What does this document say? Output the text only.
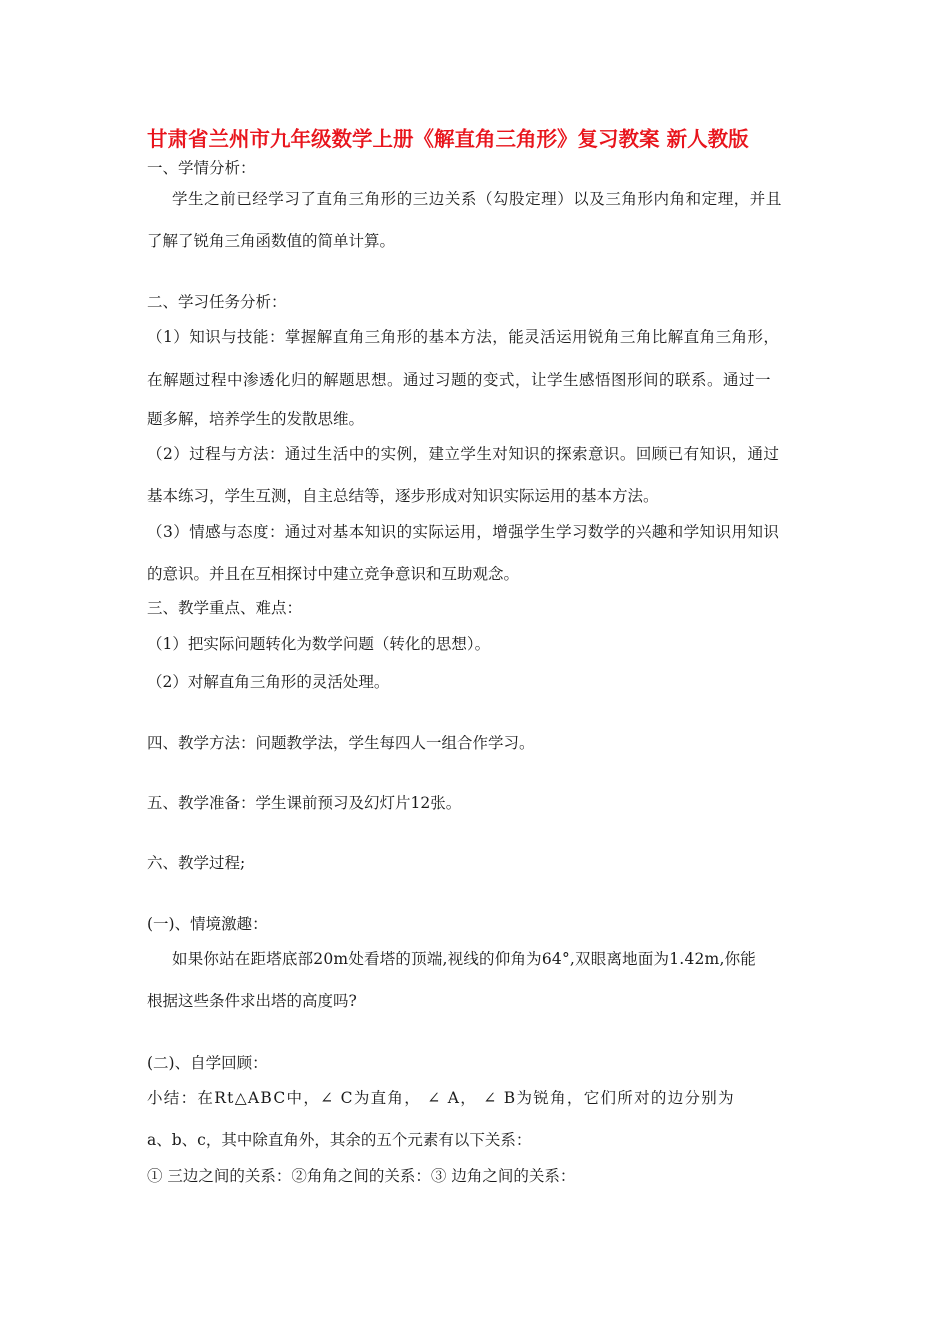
甘肃省兰州市九年级数学上册《解直角三角形》复习教案 新人教版
一、学情分析：
学生之前已经学习了直角三角形的三边关系（勾股定理）以及三角形内角和定理，并且
了解了锐角三角函数值的简单计算。
二、学习任务分析：
（1）知识与技能：掌握解直角三角形的基本方法，能灵活运用锐角三角比解直角三角形，
在解题过程中渗透化归的解题思想。通过习题的变式，让学生感悟图形间的联系。通过一
题多解，培养学生的发散思维。
（2）过程与方法：通过生活中的实例，建立学生对知识的探索意识。回顾已有知识，通过
基本练习，学生互测，自主总结等，逐步形成对知识实际运用的基本方法。
（3）情感与态度：通过对基本知识的实际运用，增强学生学习数学的兴趣和学知识用知识
的意识。并且在互相探讨中建立竞争意识和互助观念。
三、教学重点、难点：
（1）把实际问题转化为数学问题（转化的思想）。
（2）对解直角三角形的灵活处理。
四、教学方法：问题教学法，学生每四人一组合作学习。
五、教学准备：学生课前预习及幻灯片12张。
六、教学过程;
(一)、情境激趣：
如果你站在距塔底部20m处看塔的顶端,视线的仰角为64°,双眼离地面为1.42m,你能
根据这些条件求出塔的高度吗?
(二)、自学回顾：
小结：在Rt△ABC中，∠ C为直角， ∠ A， ∠ B为锐角，它们所对的边分别为
a、b、c，其中除直角外，其余的五个元素有以下关系：
① 三边之间的关系：②角角之间的关系：③ 边角之间的关系：
